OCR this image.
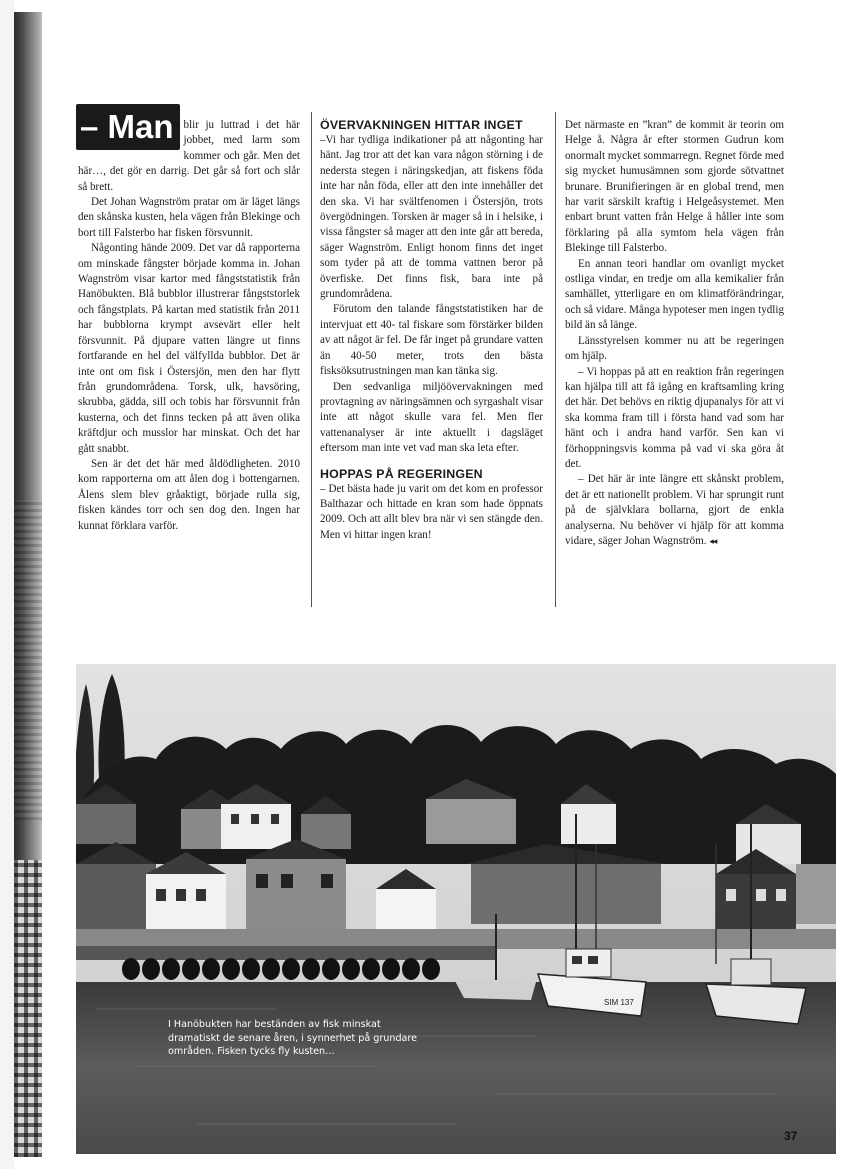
– Man blir ju luttrad i det här jobbet, med larm som kommer och går. Men det här…, det gör en darrig. Det går så fort och slår så brett.

Det Johan Wagnström pratar om är läget längs den skånska kusten, hela vägen från Blekinge och bort till Falsterbo har fisken försvunnit.

Någonting hände 2009. Det var då rapporterna om minskade fångster började komma in. Johan Wagnström visar kartor med fångststatistik från Hanöbukten. Blå bubblor illustrerar fångststorlek och fångstplats. På kartan med statistik från 2011 har bubblorna krympt avsevärt eller helt försvunnit. På djupare vatten längre ut finns fortfarande en hel del välfyllda bubblor. Det är inte ont om fisk i Östersjön, men den har flytt från grundområdena. Torsk, ulk, havsöring, skrubba, gädda, sill och tobis har försvunnit från kusterna, och det finns tecken på att även olika kräftdjur och musslor har minskat. Och det har gått snabbt.

Sen är det det här med åldödligheten. 2010 kom rapporterna om att ålen dog i bottengarnen. Ålens slem blev gråaktigt, började rulla sig, fisken kändes torr och sen dog den. Ingen har kunnat förklara varför.

ÖVERVAKNINGEN HITTAR INGET

–Vi har tydliga indikationer på att någonting har hänt. Jag tror att det kan vara någon störning i de nedersta stegen i näringskedjan, att fiskens föda inte har nån föda, eller att den inte innehåller det den ska. Vi har svältfenomen i Östersjön, trots övergödningen. Torsken är mager så in i helsike, i vissa fångster så mager att den inte går att bereda, säger Wagnström. Enligt honom finns det inget som tyder på att de tomma vattnen beror på överfiske. Det finns fisk, bara inte på grundområdena.

Förutom den talande fångststatistiken har de intervjuat ett 40- tal fiskare som förstärker bilden av att något är fel. De får inget på grundare vatten än 40-50 meter, trots den bästa fisksöksutrustningen man kan tänka sig.

Den sedvanliga miljöövervakningen med provtagning av näringsämnen och syrgashalt visar inte att något skulle vara fel. Men fler vattenanalyser är inte aktuellt i dagsläget eftersom man inte vet vad man ska leta efter.

HOPPAS PÅ REGERINGEN

– Det bästa hade ju varit om det kom en professor Balthazar och hittade en kran som hade öppnats 2009. Och att allt blev bra när vi sen stängde den. Men vi hittar ingen kran!

Det närmaste en ”kran” de kommit är teorin om Helge å. Några år efter stormen Gudrun kom onormalt mycket sommarregn. Regnet förde med sig mycket humusämnen som gjorde sötvattnet brunare. Brunifieringen är en global trend, men har varit särskilt kraftig i Helgeåsystemet. Men enbart brunt vatten från Helge å håller inte som förklaring på alla symtom hela vägen från Blekinge till Falsterbo.

En annan teori handlar om ovanligt mycket ostliga vindar, en tredje om alla kemikalier från samhället, ytterligare en om klimatförändringar, och så vidare. Många hypoteser men ingen tydlig bild än så länge.

Länsstyrelsen kommer nu att be regeringen om hjälp.

– Vi hoppas på att en reaktion från regeringen kan hjälpa till att få igång en kraftsamling kring det här. Det behövs en riktig djupanalys för att vi ska komma fram till i första hand vad som har hänt och i andra hand varför. Sen kan vi förhoppningsvis komma på vad vi ska göra åt det.

– Det här är inte längre ett skånskt problem, det är ett nationellt problem. Vi har sprungit runt på de självklara bollarna, gjort de enkla analyserna. Nu behöver vi hjälp för att komma vidare, säger Johan Wagnström. ◂◂

SIM 137
I Hanöbukten har beständen av fisk minskat
dramatiskt de senare åren, i synnerhet på grundare
områden. Fisken tycks fly kusten…
37
